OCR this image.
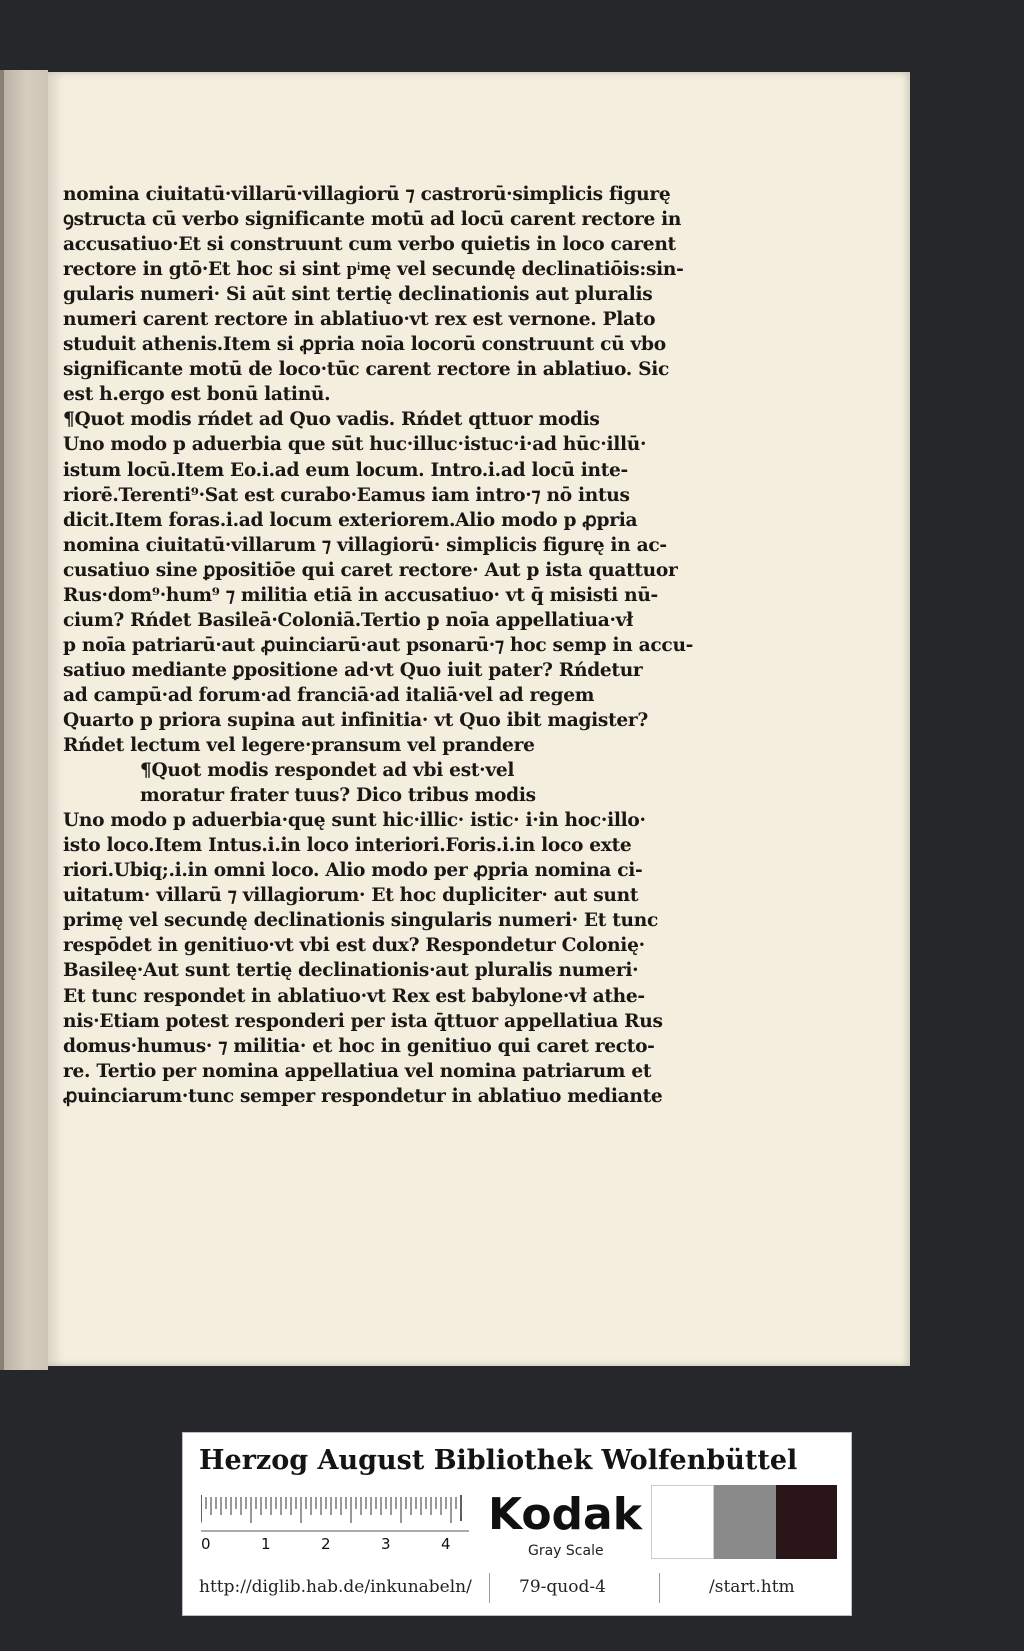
nomina ciuitatū·villarū·villagiorū ⁊ castrorū·simplicis figurę
ꝯstructa cū verbo significante motū ad locū carent rectore in
accusatiuo·Et si construunt cum verbo quietis in loco carent
rectore in gtō·Et hoc si sint pͥmę vel secundę declinatiōis:sin-
gularis numeri· Si aūt sint tertię declinationis aut pluralis
numeri carent rectore in ablatiuo·vt rex est vernone. Plato
studuit athenis.Item si ꝓpria noīa locorū construunt cū vbo
significante motū de loco·tūc carent rectore in ablatiuo. Sic
est h.ergo est bonū latinū.
¶Quot modis rńdet ad Quo vadis. Rńdet qttuor modis
Uno modo p aduerbia que sūt huc·illuc·istuc·i·ad hūc·illū·
istum locū.Item Eo.i.ad eum locum. Intro.i.ad locū inte-
riorē.Terenti⁹·Sat est curabo·Eamus iam intro·⁊ nō intus
dicit.Item foras.i.ad locum exteriorem.Alio modo p ꝓpria
nomina ciuitatū·villarum ⁊ villagiorū· simplicis figurę in ac-
cusatiuo sine ꝑpositiōe qui caret rectore· Aut p ista quattuor
Rus·dom⁹·hum⁹ ⁊ militia etiā in accusatiuo· vt q̄ misisti nū-
cium? Rńdet Basileā·Coloniā.Tertio p noīa appellatiua·vł
p noīa patriarū·aut ꝓuinciarū·aut psonarū·⁊ hoc semp in accu-
satiuo mediante ꝑpositione ad·vt Quo iuit pater? Rńdetur
ad campū·ad forum·ad franciā·ad italiā·vel ad regem
Quarto p priora supina aut infinitia· vt Quo ibit magister?
Rńdet lectum vel legere·pransum vel prandere
¶Quot modis respondet ad vbi est·vel
moratur frater tuus? Dico tribus modis
Uno modo p aduerbia·quę sunt hic·illic· istic· i·in hoc·illo·
isto loco.Item Intus.i.in loco interiori.Foris.i.in loco exte
riori.Ubiq;.i.in omni loco. Alio modo per ꝓpria nomina ci-
uitatum· villarū ⁊ villagiorum· Et hoc dupliciter· aut sunt
primę vel secundę declinationis singularis numeri· Et tunc
respōdet in genitiuo·vt vbi est dux? Respondetur Colonię·
Basileę·Aut sunt tertię declinationis·aut pluralis numeri·
Et tunc respondet in ablatiuo·vt Rex est babylone·vł athe-
nis·Etiam potest responderi per ista q̄ttuor appellatiua Rus
domus·humus· ⁊ militia· et hoc in genitiuo qui caret recto-
re. Tertio per nomina appellatiua vel nomina patriarum et
ꝓuinciarum·tunc semper respondetur in ablatiuo mediante
Herzog August Bibliothek Wolfenbüttel
0	1	2	3	4
Kodak
Gray Scale
http://diglib.hab.de/inkunabeln/	79-quod-4	/start.htm
